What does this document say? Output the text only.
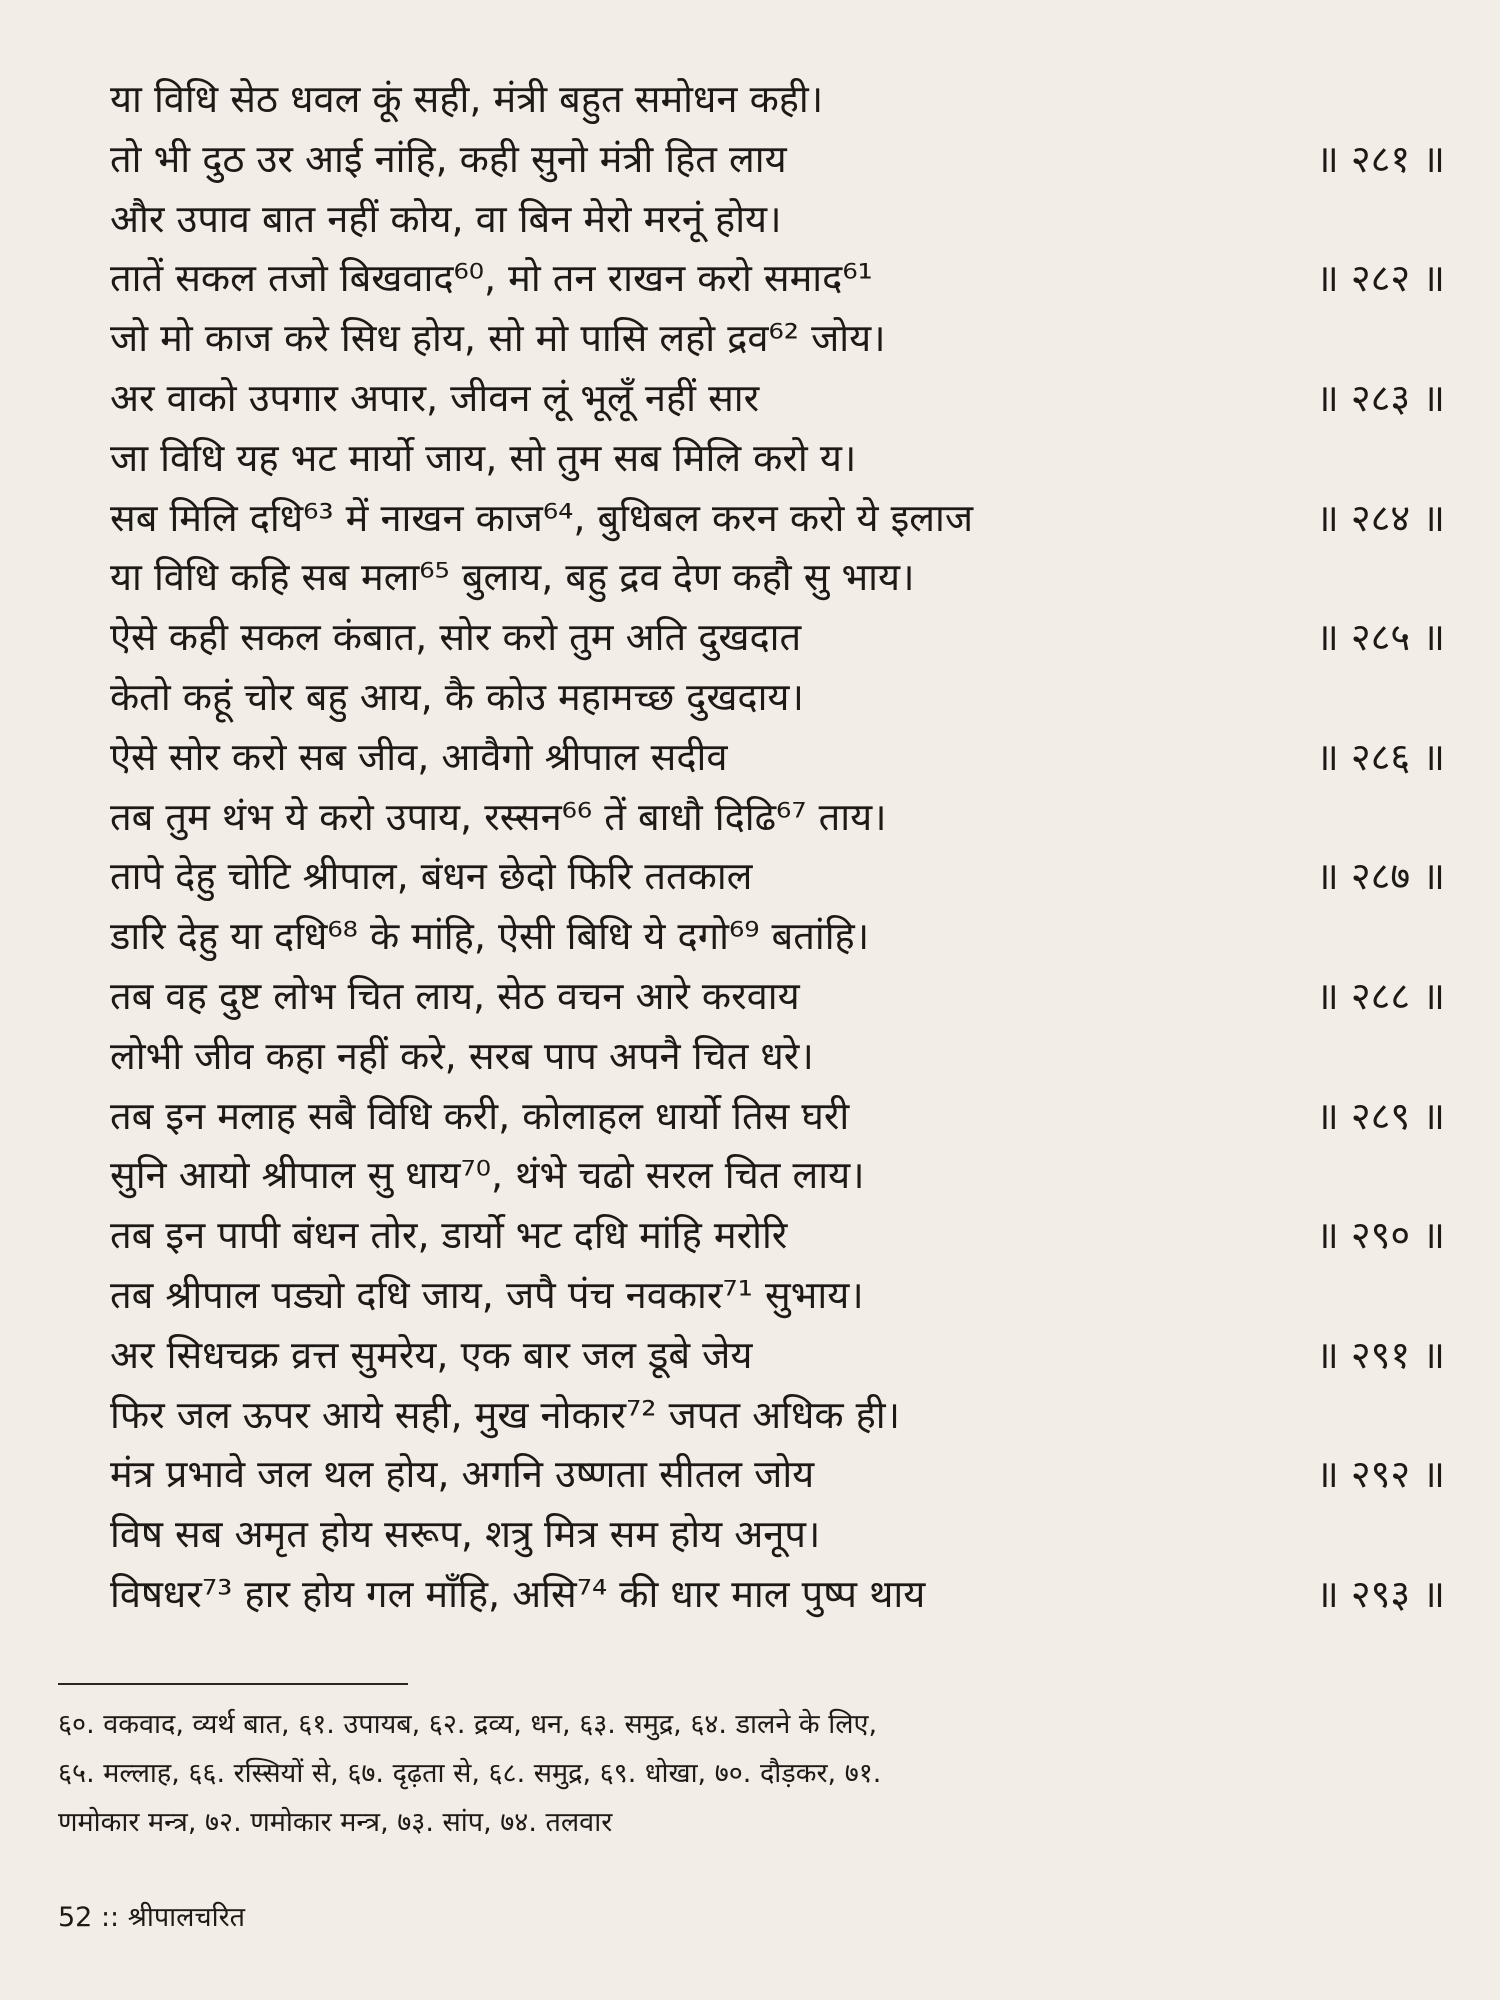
या विधि सेठ धवल कूं सही, मंत्री बहुत समोधन कही।
तो भी दुठ उर आई नांहि, कही सुनो मंत्री हित लाय	॥ २८१ ॥
और उपाव बात नहीं कोय, वा बिन मेरो मरनूं होय।
तातें सकल तजो बिखवाद⁶⁰, मो तन राखन करो समाद⁶¹	॥ २८२ ॥
जो मो काज करे सिध होय, सो मो पासि लहो द्रव⁶² जोय।
अर वाको उपगार अपार, जीवन लूं भूलूँ नहीं सार	॥ २८३ ॥
जा विधि यह भट मार्यो जाय, सो तुम सब मिलि करो य।
सब मिलि दधि⁶³ में नाखन काज⁶⁴, बुधिबल करन करो ये इलाज	॥ २८४ ॥
या विधि कहि सब मला⁶⁵ बुलाय, बहु द्रव देण कहौ सु भाय।
ऐसे कही सकल कंबात, सोर करो तुम अति दुखदात	॥ २८५ ॥
केतो कहूं चोर बहु आय, कै कोउ महामच्छ दुखदाय।
ऐसे सोर करो सब जीव, आवैगो श्रीपाल सदीव	॥ २८६ ॥
तब तुम थंभ ये करो उपाय, रस्सन⁶⁶ तें बाधौ दिढि⁶⁷ ताय।
तापे देहु चोटि श्रीपाल, बंधन छेदो फिरि ततकाल	॥ २८७ ॥
डारि देहु या दधि⁶⁸ के मांहि, ऐसी बिधि ये दगो⁶⁹ बतांहि।
तब वह दुष्ट लोभ चित लाय, सेठ वचन आरे करवाय	॥ २८८ ॥
लोभी जीव कहा नहीं करे, सरब पाप अपनै चित धरे।
तब इन मलाह सबै विधि करी, कोलाहल धार्यो तिस घरी	॥ २८९ ॥
सुनि आयो श्रीपाल सु धाय⁷⁰, थंभे चढो सरल चित लाय।
तब इन पापी बंधन तोर, डार्यो भट दधि मांहि मरोरि	॥ २९० ॥
तब श्रीपाल पड्यो दधि जाय, जपै पंच नवकार⁷¹ सुभाय।
अर सिधचक्र व्रत्त सुमरेय, एक बार जल डूबे जेय	॥ २९१ ॥
फिर जल ऊपर आये सही, मुख नोकार⁷² जपत अधिक ही।
मंत्र प्रभावे जल थल होय, अगनि उष्णता सीतल जोय	॥ २९२ ॥
विष सब अमृत होय सरूप, शत्रु मित्र सम होय अनूप।
विषधर⁷³ हार होय गल माँहि, असि⁷⁴ की धार माल पुष्प थाय	॥ २९३ ॥
६०. वकवाद, व्यर्थ बात, ६१. उपायब, ६२. द्रव्य, धन, ६३. समुद्र, ६४. डालने के लिए,
६५. मल्लाह, ६६. रस्सियों से, ६७. दृढ़ता से, ६८. समुद्र, ६९. धोखा, ७०. दौड़कर, ७१.
णमोकार मन्त्र, ७२. णमोकार मन्त्र, ७३. सांप, ७४. तलवार
52 :: श्रीपालचरित
